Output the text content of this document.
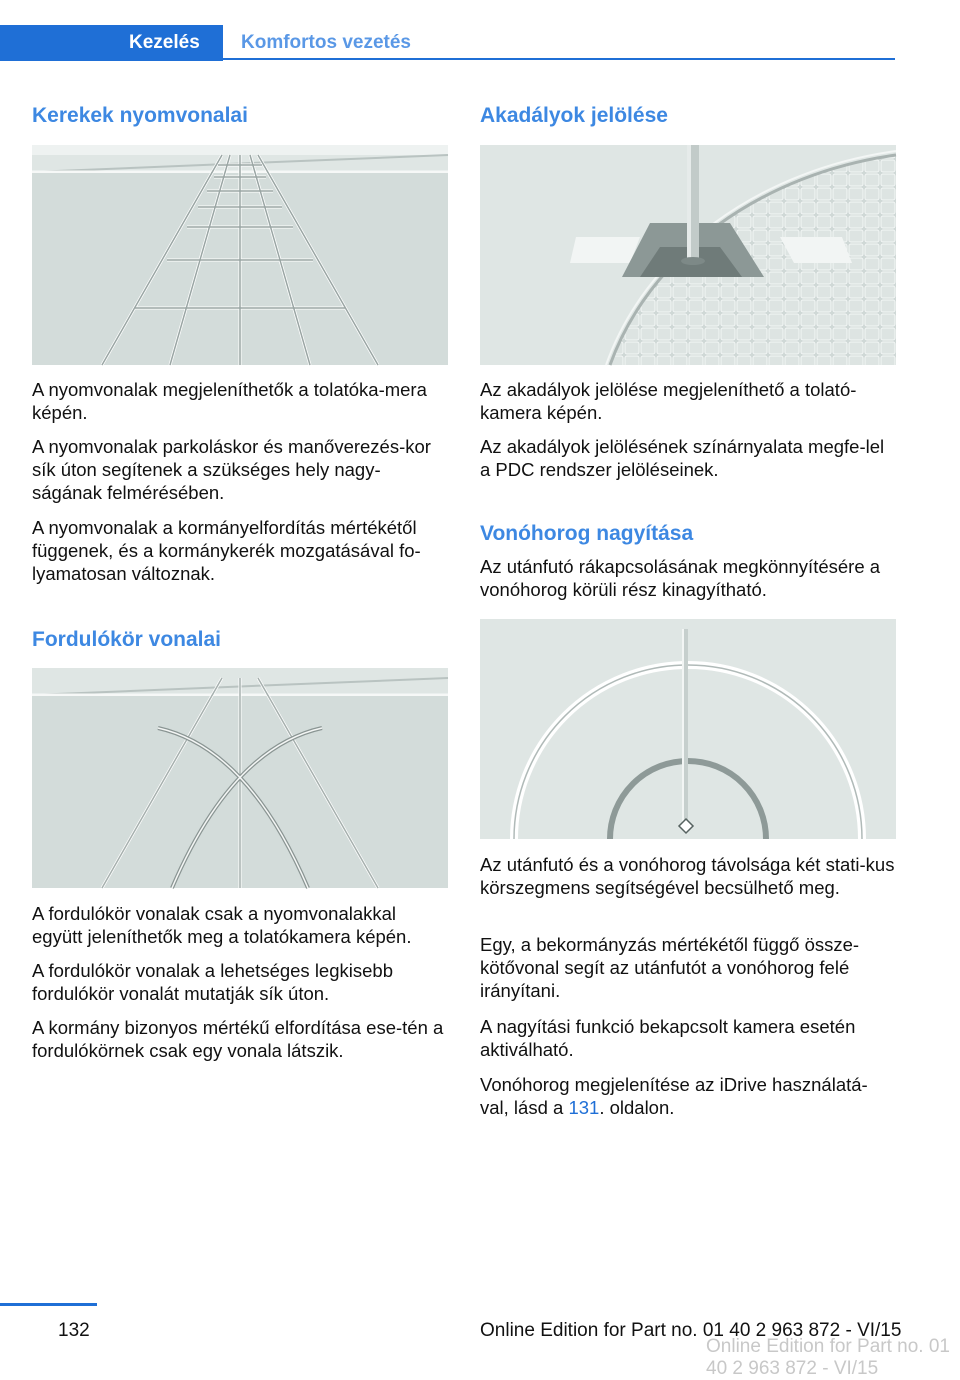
Kezelés	Komfortos vezetés
Kerekek nyomvonalai

A nyomvonalak megjeleníthetők a tolatóka-mera képén.

A nyomvonalak parkoláskor és manőverezés-kor sík úton segítenek a szükséges hely nagy-ságának felmérésében.

A nyomvonalak a kormányelfordítás mértékétől függenek, és a kormánykerék mozgatásával fo-lyamatosan változnak.

Fordulókör vonalai

A fordulókör vonalak csak a nyomvonalakkal együtt jeleníthetők meg a tolatókamera képén.

A fordulókör vonalak a lehetséges legkisebb fordulókör vonalát mutatják sík úton.

A kormány bizonyos mértékű elfordítása ese-tén a fordulókörnek csak egy vonala látszik.

Akadályok jelölése

Az akadályok jelölése megjeleníthető a tolató-kamera képén.

Az akadályok jelölésének színárnyalata megfe-lel a PDC rendszer jelöléseinek.

Vonóhorog nagyítása

Az utánfutó rákapcsolásának megkönnyítésére a vonóhorog körüli rész kinagyítható.

Az utánfutó és a vonóhorog távolsága két stati-kus körszegmens segítségével becsülhető meg.

Egy, a bekormányzás mértékétől függő össze-kötővonal segít az utánfutót a vonóhorog felé irányítani.

A nagyítási funkció bekapcsolt kamera esetén aktiválható.

Vonóhorog megjelenítése az iDrive használatá-val, lásd a 131. oldalon.

132	Online Edition for Part no. 01 40 2 963 872 - VI/15
Online Edition for Part no. 01 40 2 963 872 - VI/15
